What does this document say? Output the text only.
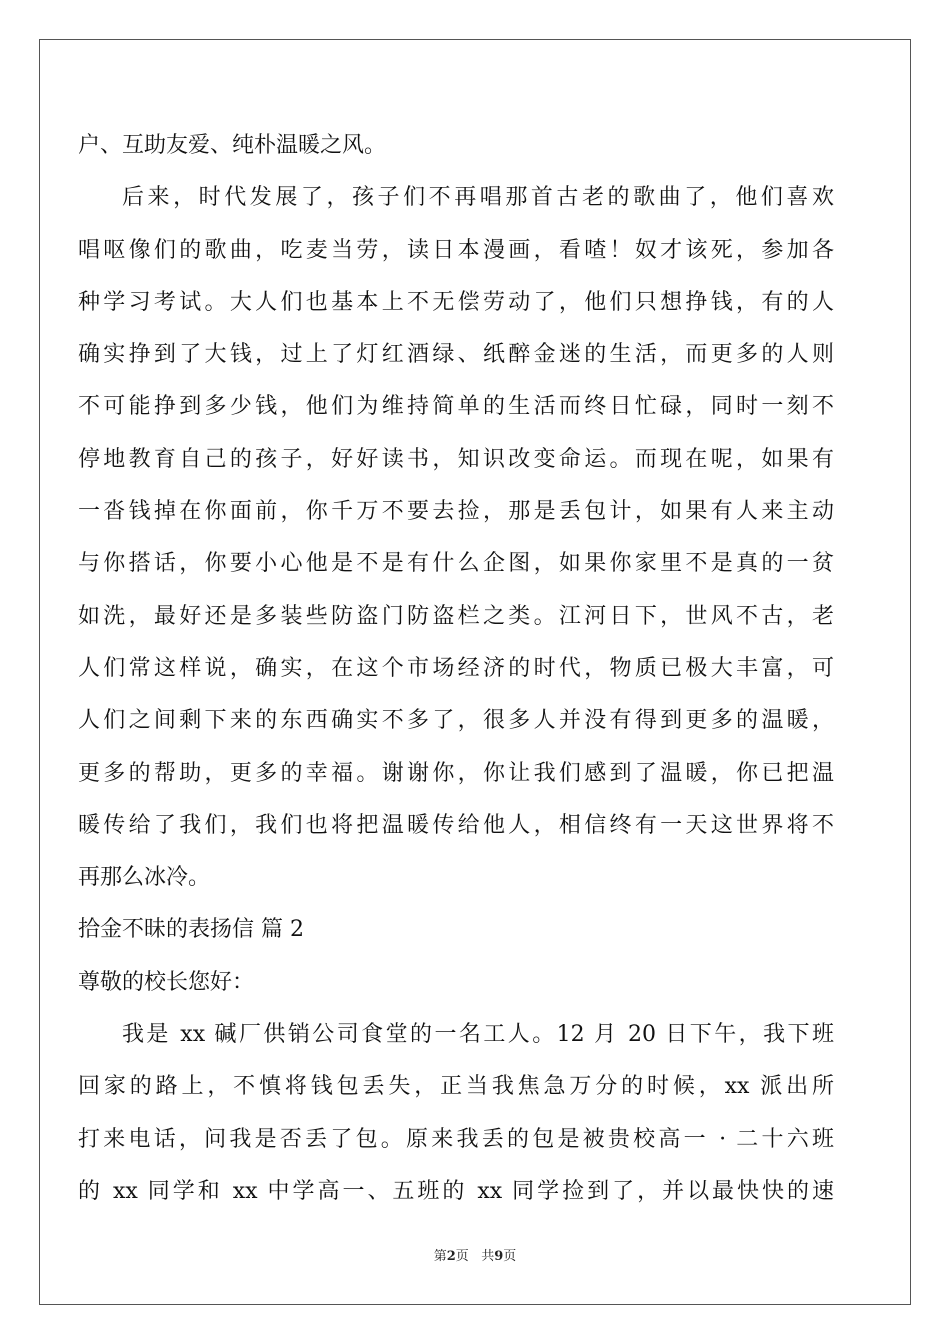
户、互助友爱、纯朴温暖之风。
后来，时代发展了，孩子们不再唱那首古老的歌曲了，他们喜欢
唱呕像们的歌曲，吃麦当劳，读日本漫画，看喳！奴才该死，参加各
种学习考试。大人们也基本上不无偿劳动了，他们只想挣钱，有的人
确实挣到了大钱，过上了灯红酒绿、纸醉金迷的生活，而更多的人则
不可能挣到多少钱，他们为维持简单的生活而终日忙碌，同时一刻不
停地教育自己的孩子，好好读书，知识改变命运。而现在呢，如果有
一沓钱掉在你面前，你千万不要去捡，那是丢包计，如果有人来主动
与你搭话，你要小心他是不是有什么企图，如果你家里不是真的一贫
如洗，最好还是多装些防盗门防盗栏之类。江河日下，世风不古，老
人们常这样说，确实，在这个市场经济的时代，物质已极大丰富，可
人们之间剩下来的东西确实不多了，很多人并没有得到更多的温暖，
更多的帮助，更多的幸福。谢谢你，你让我们感到了温暖，你已把温
暖传给了我们，我们也将把温暖传给他人，相信终有一天这世界将不
再那么冰冷。
拾金不昧的表扬信 篇 2
尊敬的校长您好：
我是 xx 碱厂供销公司食堂的一名工人。12 月 20 日下午，我下班
回家的路上，不慎将钱包丢失，正当我焦急万分的时候，xx 派出所
打来电话，问我是否丢了包。原来我丢的包是被贵校高一 · 二十六班
的 xx 同学和 xx 中学高一、五班的 xx 同学捡到了，并以最快快的速
第2页 共9页
